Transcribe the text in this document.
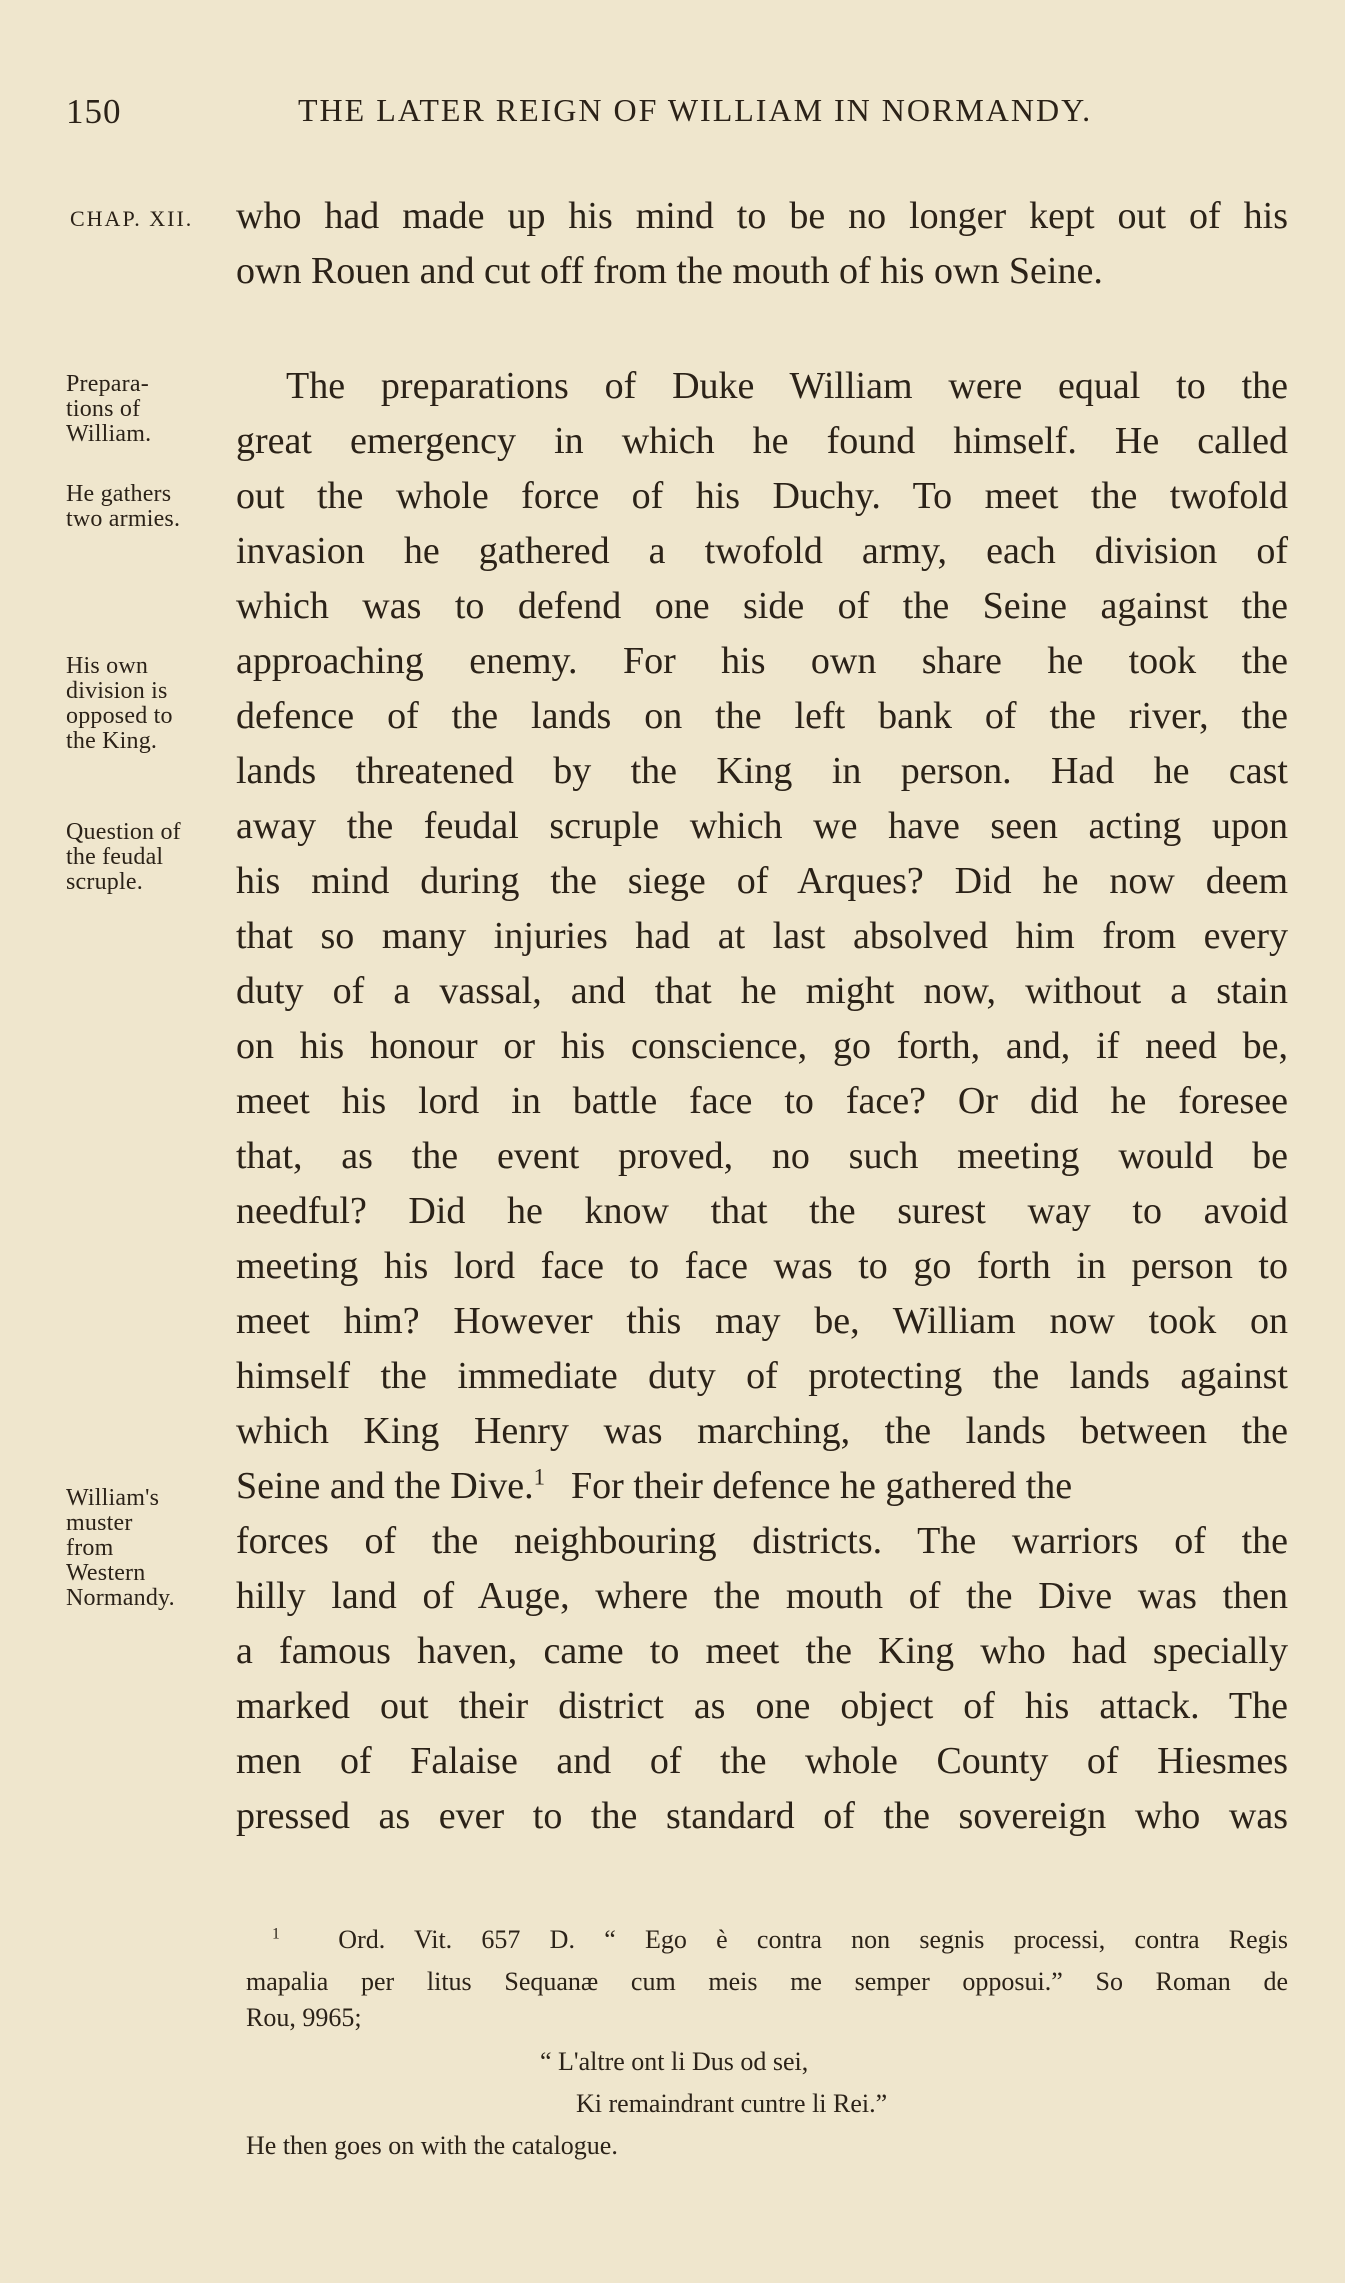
150	THE LATER REIGN OF WILLIAM IN NORMANDY.
CHAP. XII. who had made up his mind to be no longer kept out of his
own Rouen and cut off from the mouth of his own Seine.
The preparations of Duke William were equal to the
great emergency in which he found himself. He called
out the whole force of his Duchy. To meet the twofold
invasion he gathered a twofold army, each division of
which was to defend one side of the Seine against the
approaching enemy. For his own share he took the
defence of the lands on the left bank of the river, the
lands threatened by the King in person. Had he cast
away the feudal scruple which we have seen acting upon
his mind during the siege of Arques? Did he now deem
that so many injuries had at last absolved him from every
duty of a vassal, and that he might now, without a stain
on his honour or his conscience, go forth, and, if need be,
meet his lord in battle face to face? Or did he foresee
that, as the event proved, no such meeting would be
needful? Did he know that the surest way to avoid
meeting his lord face to face was to go forth in person to
meet him? However this may be, William now took on
himself the immediate duty of protecting the lands against
which King Henry was marching, the lands between the
Seine and the Dive.$^1$ For their defence he gathered the
forces of the neighbouring districts. The warriors of the
hilly land of Auge, where the mouth of the Dive was then
a famous haven, came to meet the King who had specially
marked out their district as one object of his attack. The
men of Falaise and of the whole County of Hiesmes
pressed as ever to the standard of the sovereign who was
Prepara-
tions of
William.
He gathers
two armies.
His own
division is
opposed to
the King.
Question of
the feudal
scruple.
William's
muster
from
Western
Normandy.
$^1$ Ord. Vit. 657 D. “ Ego è contra non segnis processi, contra Regis
mapalia per litus Sequanæ cum meis me semper opposui.” So Roman de
Rou, 9965;
“ L'altre ont li Dus od sei,
Ki remaindrant cuntre li Rei.”
He then goes on with the catalogue.
